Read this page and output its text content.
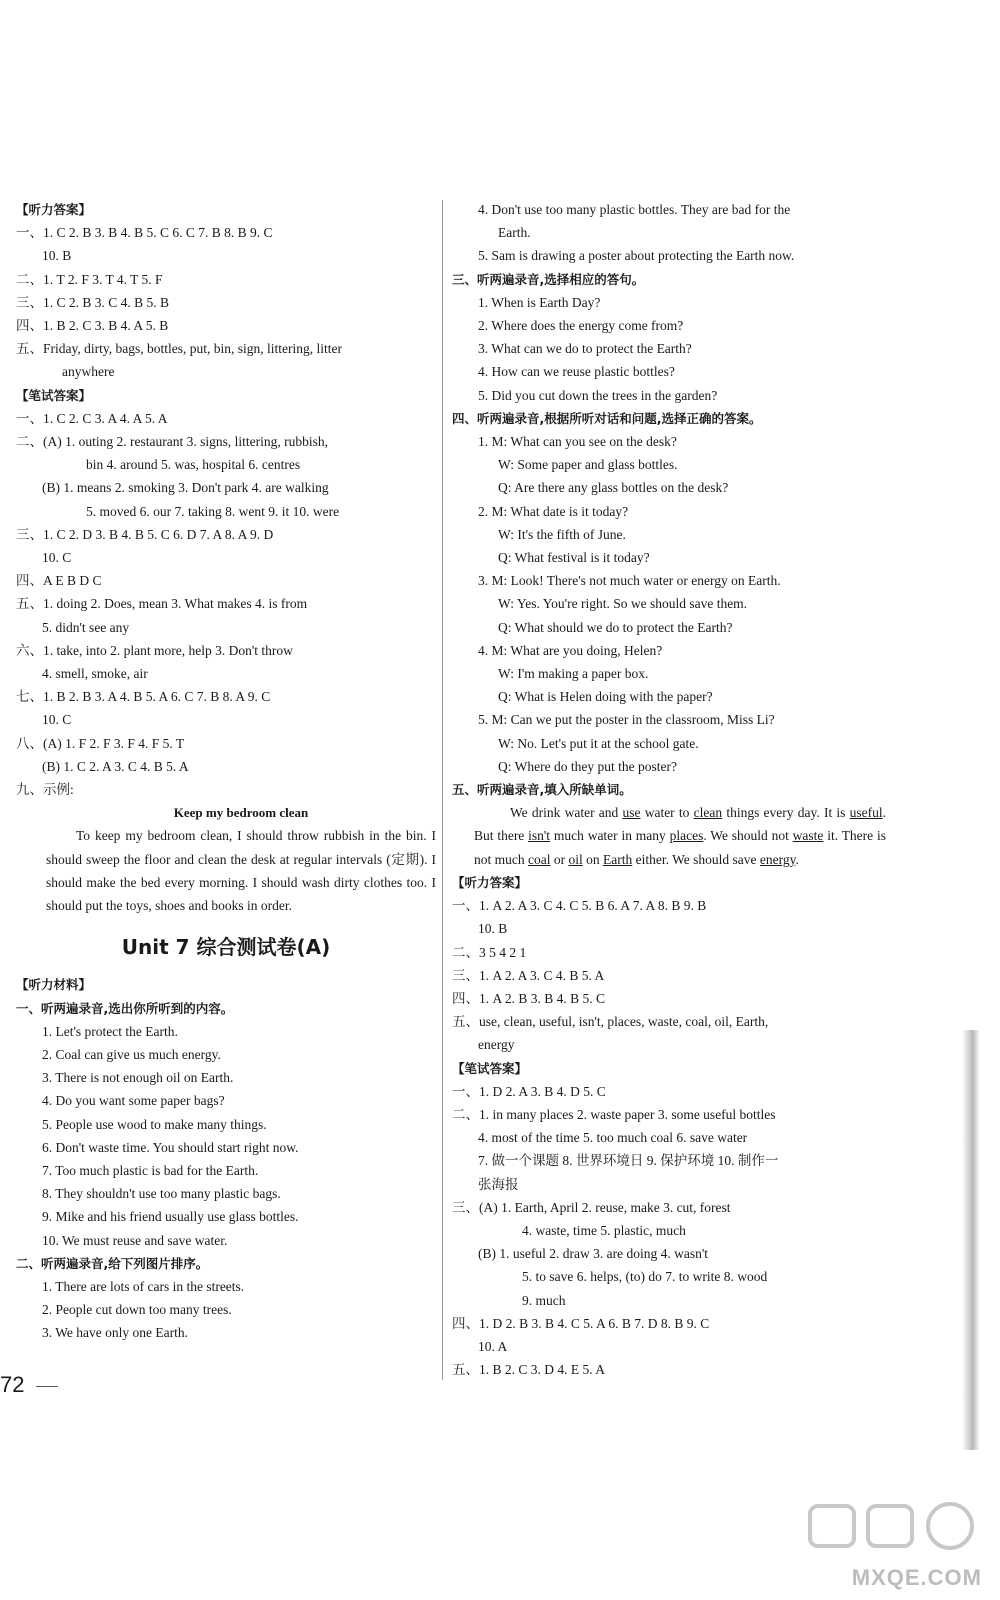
【听力答案】
一、1. C 2. B 3. B 4. B 5. C 6. C 7. B 8. B 9. C
10. B
二、1. T 2. F 3. T 4. T 5. F
三、1. C 2. B 3. C 4. B 5. B
四、1. B 2. C 3. B 4. A 5. B
五、Friday, dirty, bags, bottles, put, bin, sign, littering, litter
anywhere
【笔试答案】
一、1. C 2. C 3. A 4. A 5. A
二、(A) 1. outing 2. restaurant 3. signs, littering, rubbish,
bin 4. around 5. was, hospital 6. centres
(B) 1. means 2. smoking 3. Don't park 4. are walking
5. moved 6. our 7. taking 8. went 9. it 10. were
三、1. C 2. D 3. B 4. B 5. C 6. D 7. A 8. A 9. D
10. C
四、A E B D C
五、1. doing 2. Does, mean 3. What makes 4. is from
5. didn't see any
六、1. take, into 2. plant more, help 3. Don't throw
4. smell, smoke, air
七、1. B 2. B 3. A 4. B 5. A 6. C 7. B 8. A 9. C
10. C
八、(A) 1. F 2. F 3. F 4. F 5. T
(B) 1. C 2. A 3. C 4. B 5. A
九、示例:
Keep my bedroom clean
To keep my bedroom clean, I should throw rubbish in the bin. I should sweep the floor and clean the desk at regular intervals (定期). I should make the bed every morning. I should wash dirty clothes too. I should put the toys, shoes and books in order.
Unit 7 综合测试卷(A)
【听力材料】
一、听两遍录音,选出你所听到的内容。
1. Let's protect the Earth.
2. Coal can give us much energy.
3. There is not enough oil on Earth.
4. Do you want some paper bags?
5. People use wood to make many things.
6. Don't waste time. You should start right now.
7. Too much plastic is bad for the Earth.
8. They shouldn't use too many plastic bags.
9. Mike and his friend usually use glass bottles.
10. We must reuse and save water.
二、听两遍录音,给下列图片排序。
1. There are lots of cars in the streets.
2. People cut down too many trees.
3. We have only one Earth.
4. Don't use too many plastic bottles. They are bad for the
Earth.
5. Sam is drawing a poster about protecting the Earth now.
三、听两遍录音,选择相应的答句。
1. When is Earth Day?
2. Where does the energy come from?
3. What can we do to protect the Earth?
4. How can we reuse plastic bottles?
5. Did you cut down the trees in the garden?
四、听两遍录音,根据所听对话和问题,选择正确的答案。
1. M: What can you see on the desk?
W: Some paper and glass bottles.
Q: Are there any glass bottles on the desk?
2. M: What date is it today?
W: It's the fifth of June.
Q: What festival is it today?
3. M: Look! There's not much water or energy on Earth.
W: Yes. You're right. So we should save them.
Q: What should we do to protect the Earth?
4. M: What are you doing, Helen?
W: I'm making a paper box.
Q: What is Helen doing with the paper?
5. M: Can we put the poster in the classroom, Miss Li?
W: No. Let's put it at the school gate.
Q: Where do they put the poster?
五、听两遍录音,填入所缺单词。
We drink water and use water to clean things every day. It is useful. But there isn't much water in many places. We should not waste it. There is not much coal or oil on Earth either. We should save energy.
【听力答案】
一、1. A 2. A 3. C 4. C 5. B 6. A 7. A 8. B 9. B
10. B
二、3 5 4 2 1
三、1. A 2. A 3. C 4. B 5. A
四、1. A 2. B 3. B 4. B 5. C
五、use, clean, useful, isn't, places, waste, coal, oil, Earth,
energy
【笔试答案】
一、1. D 2. A 3. B 4. D 5. C
二、1. in many places 2. waste paper 3. some useful bottles
4. most of the time 5. too much coal 6. save water
7. 做一个课题 8. 世界环境日 9. 保护环境 10. 制作一
张海报
三、(A) 1. Earth, April 2. reuse, make 3. cut, forest
4. waste, time 5. plastic, much
(B) 1. useful 2. draw 3. are doing 4. wasn't
5. to save 6. helps, (to) do 7. to write 8. wood
9. much
四、1. D 2. B 3. B 4. C 5. A 6. B 7. D 8. B 9. C
10. A
五、1. B 2. C 3. D 4. E 5. A
72
MXQE.COM
